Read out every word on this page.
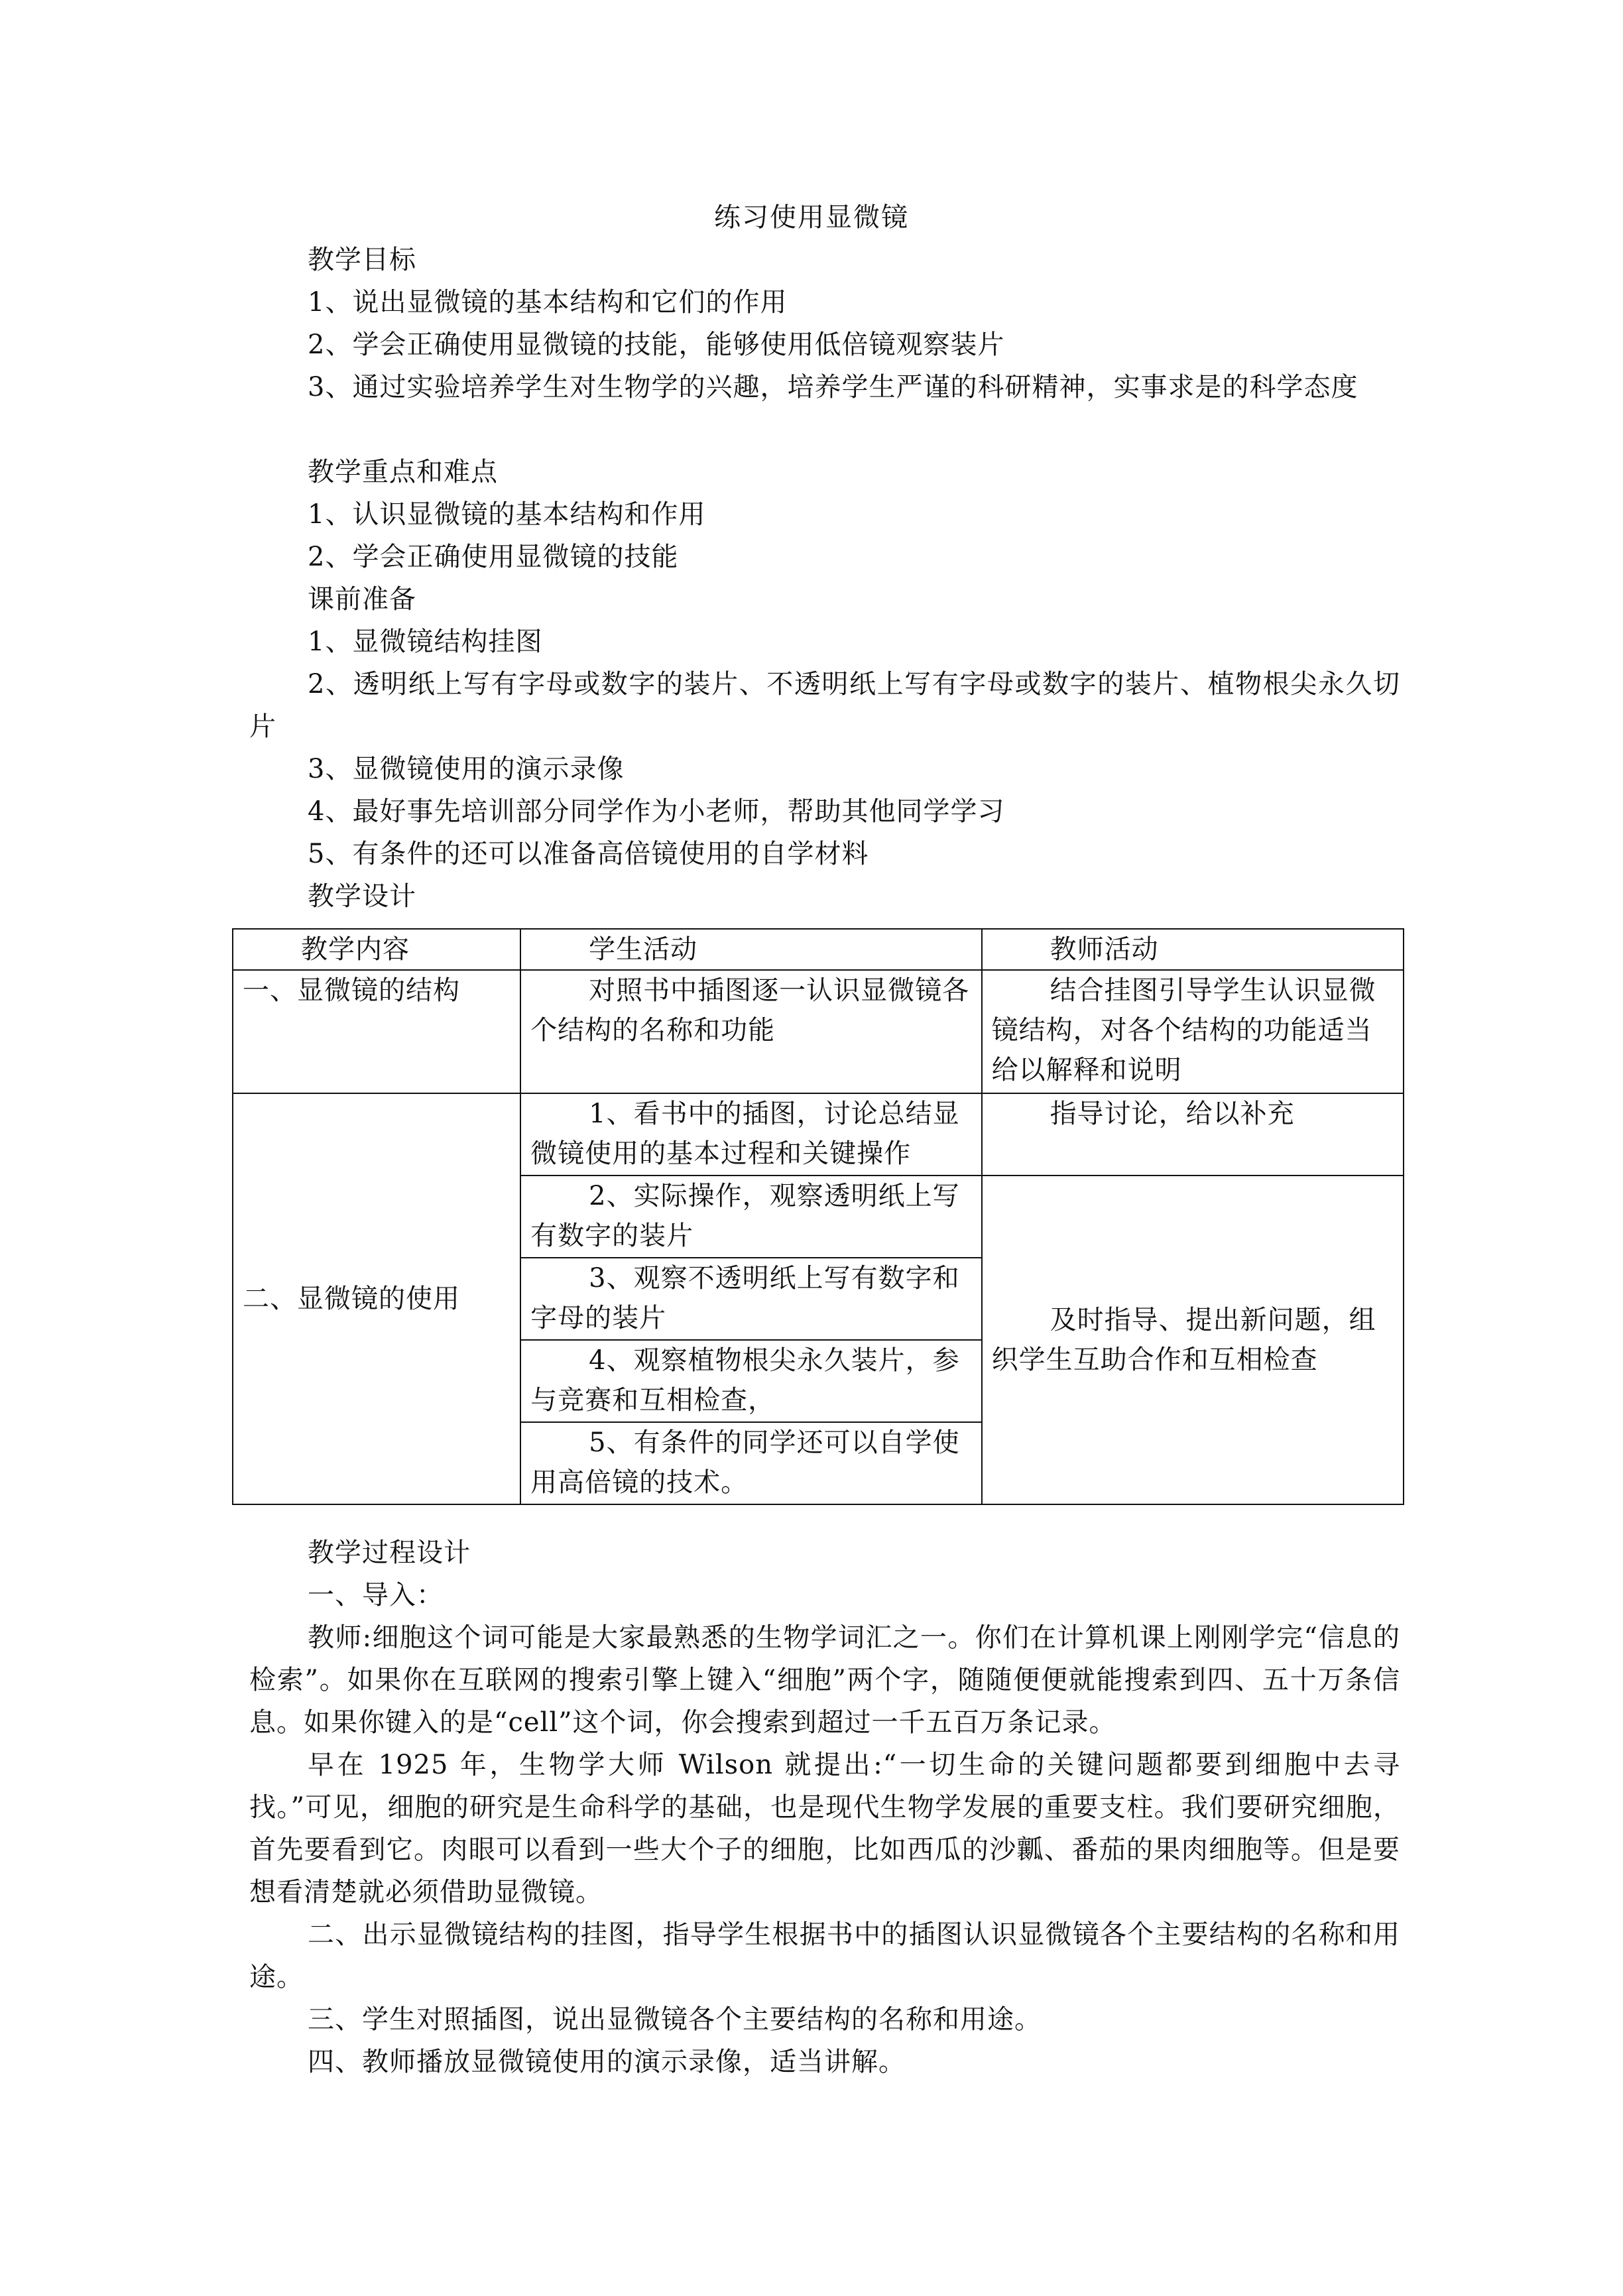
练习使用显微镜
教学目标
1、说出显微镜的基本结构和它们的作用
2、学会正确使用显微镜的技能，能够使用低倍镜观察装片
3、通过实验培养学生对生物学的兴趣，培养学生严谨的科研精神，实事求是的科学态度
教学重点和难点
1、认识显微镜的基本结构和作用
2、学会正确使用显微镜的技能
课前准备
1、显微镜结构挂图
2、透明纸上写有字母或数字的装片、不透明纸上写有字母或数字的装片、植物根尖永久切片
3、显微镜使用的演示录像
4、最好事先培训部分同学作为小老师，帮助其他同学学习
5、有条件的还可以准备高倍镜使用的自学材料
教学设计
教学内容	学生活动	教师活动
一、显微镜的结构	对照书中插图逐一认识显微镜各个结构的名称和功能	结合挂图引导学生认识显微镜结构，对各个结构的功能适当给以解释和说明
二、显微镜的使用	1、看书中的插图，讨论总结显微镜使用的基本过程和关键操作	指导讨论，给以补充
	2、实际操作，观察透明纸上写有数字的装片	及时指导、提出新问题，组织学生互助合作和互相检查
	3、观察不透明纸上写有数字和字母的装片	
	4、观察植物根尖永久装片，参与竞赛和互相检查，	
	5、有条件的同学还可以自学使用高倍镜的技术。	
教学过程设计
一、导入：
教师:细胞这个词可能是大家最熟悉的生物学词汇之一。你们在计算机课上刚刚学完“信息的检索”。如果你在互联网的搜索引擎上键入“细胞”两个字，随随便便就能搜索到四、五十万条信息。如果你键入的是“cell”这个词，你会搜索到超过一千五百万条记录。
早在 1925 年，生物学大师 Wilson 就提出:“一切生命的关键问题都要到细胞中去寻找。”可见，细胞的研究是生命科学的基础，也是现代生物学发展的重要支柱。我们要研究细胞，首先要看到它。肉眼可以看到一些大个子的细胞，比如西瓜的沙瓤、番茄的果肉细胞等。但是要想看清楚就必须借助显微镜。
二、出示显微镜结构的挂图，指导学生根据书中的插图认识显微镜各个主要结构的名称和用途。
三、学生对照插图，说出显微镜各个主要结构的名称和用途。
四、教师播放显微镜使用的演示录像，适当讲解。
